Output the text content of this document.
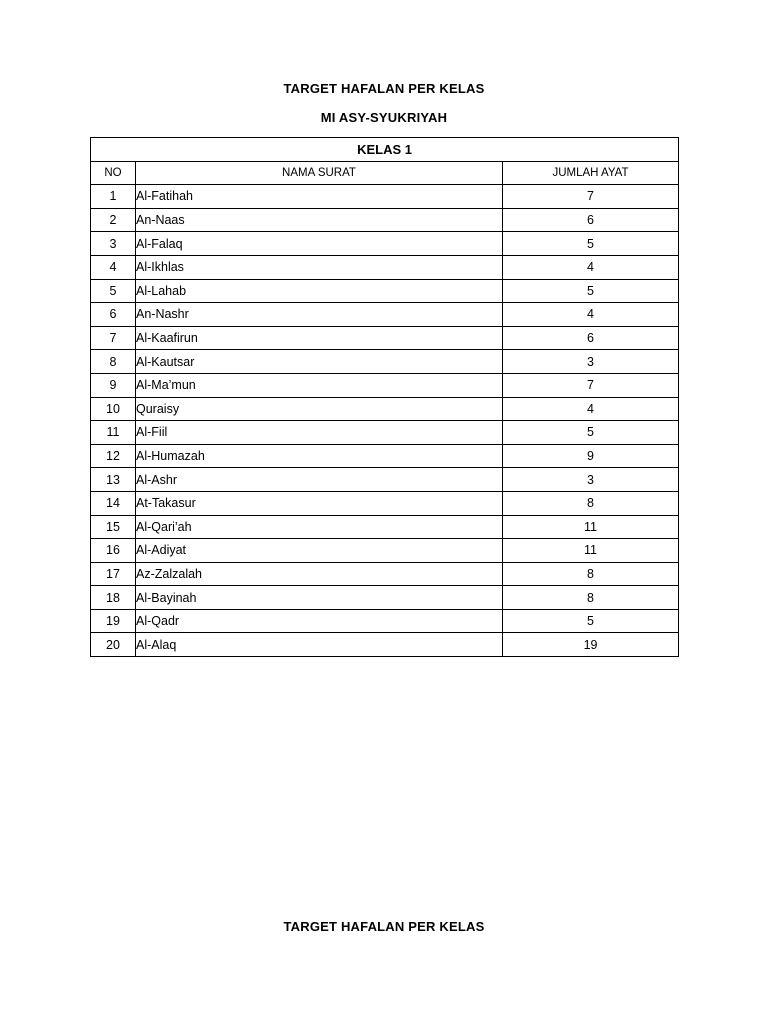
TARGET HAFALAN PER KELAS
MI ASY-SYUKRIYAH
KELAS 1		
NO	NAMA SURAT	JUMLAH AYAT
1	Al-Fatihah	7
2	An-Naas	6
3	Al-Falaq	5
4	Al-Ikhlas	4
5	Al-Lahab	5
6	An-Nashr	4
7	Al-Kaafirun	6
8	Al-Kautsar	3
9	Al-Ma’mun	7
10	Quraisy	4
11	Al-Fiil	5
12	Al-Humazah	9
13	Al-Ashr	3
14	At-Takasur	8
15	Al-Qari’ah	11
16	Al-Adiyat	11
17	Az-Zalzalah	8
18	Al-Bayinah	8
19	Al-Qadr	5
20	Al-Alaq	19
TARGET HAFALAN PER KELAS
